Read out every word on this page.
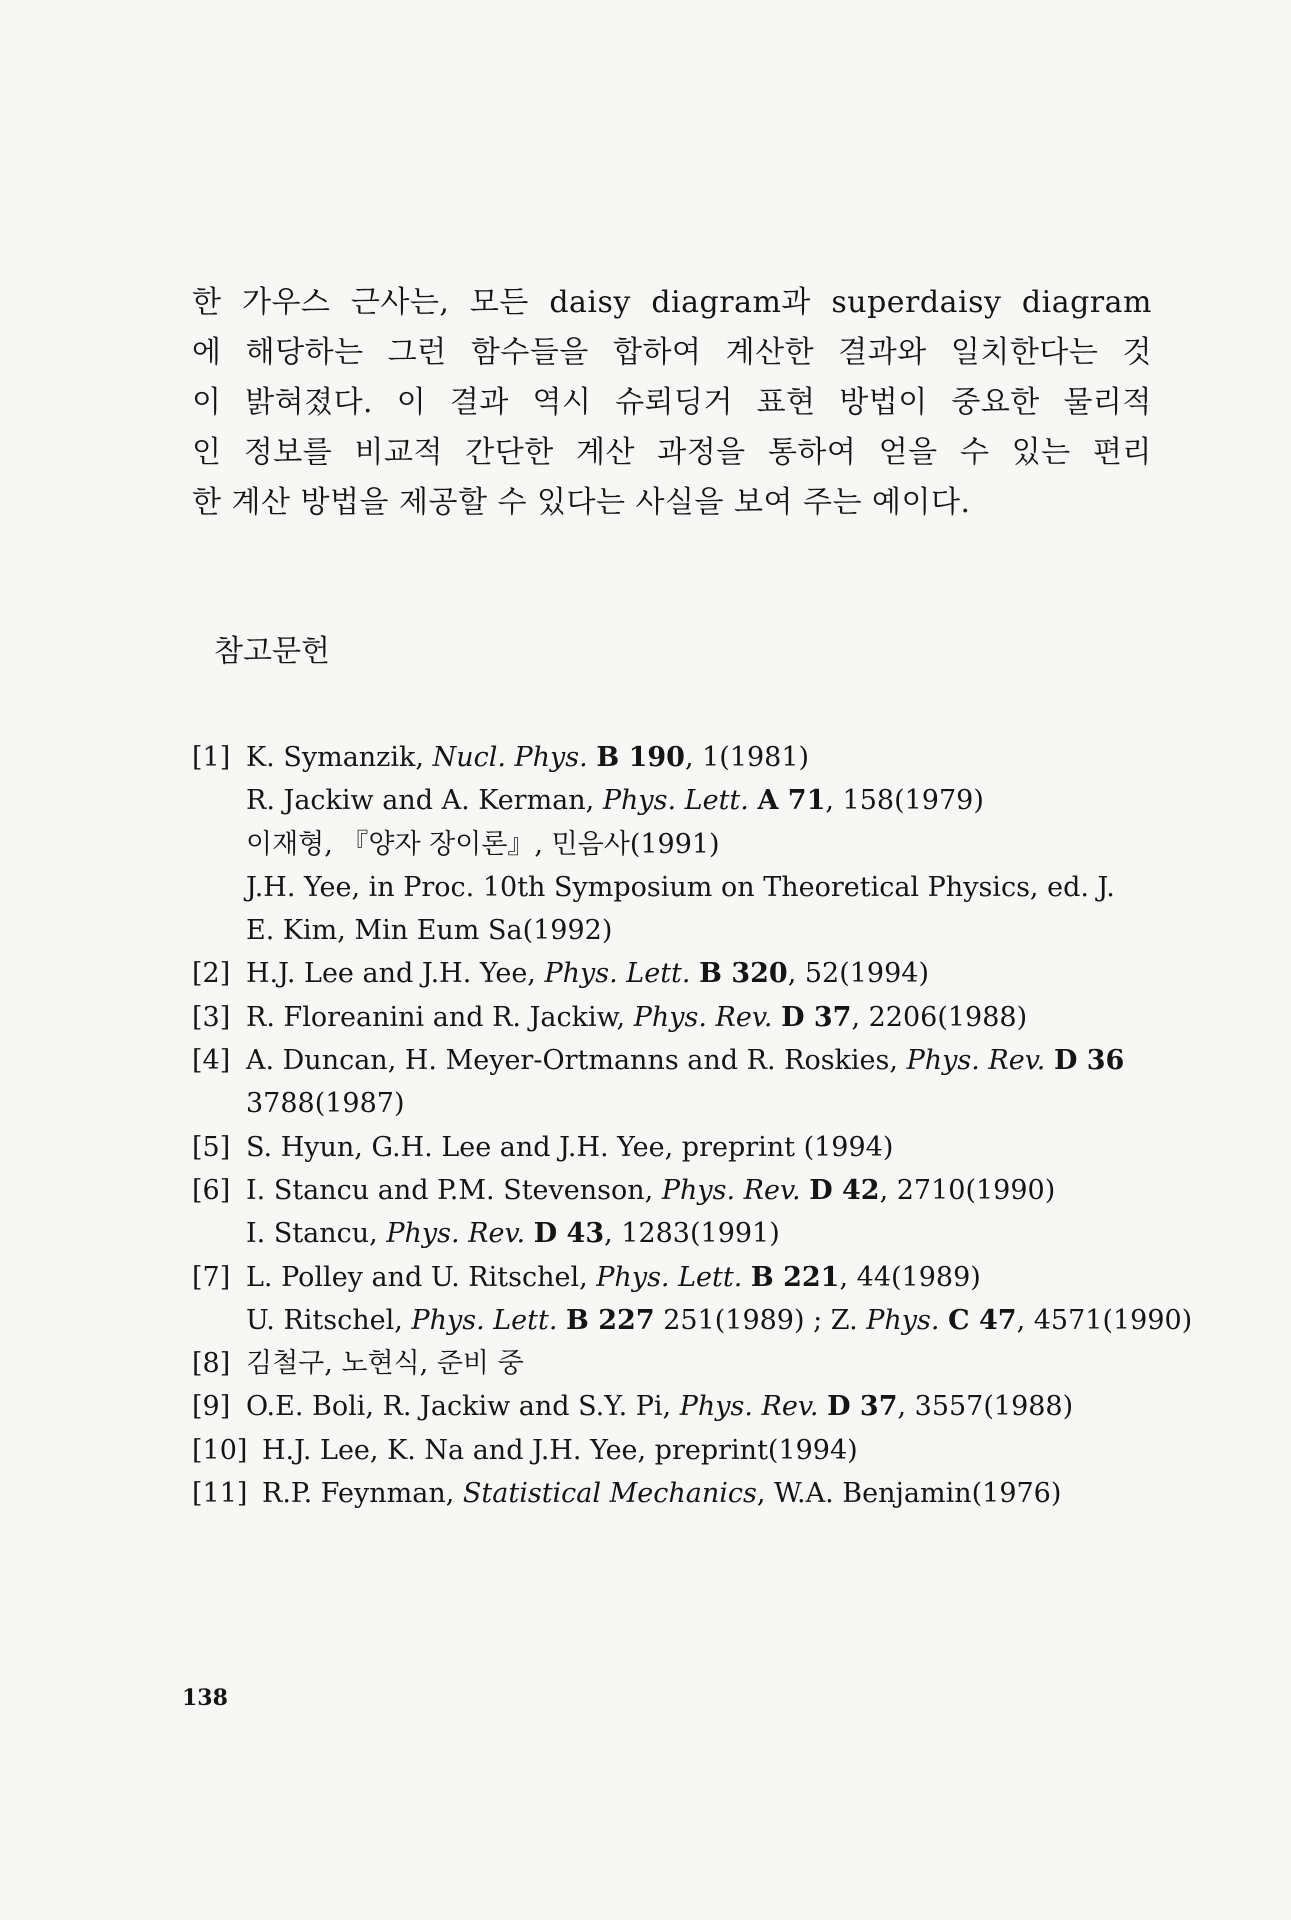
한 가우스 근사는, 모든 daisy diagram과 superdaisy diagram
에 해당하는 그런 함수들을 합하여 계산한 결과와 일치한다는 것
이 밝혀졌다. 이 결과 역시 슈뢰딩거 표현 방법이 중요한 물리적
인 정보를 비교적 간단한 계산 과정을 통하여 얻을 수 있는 편리
한 계산 방법을 제공할 수 있다는 사실을 보여 주는 예이다.
참고문헌
[1] K. Symanzik, Nucl. Phys. B 190, 1(1981)
R. Jackiw and A. Kerman, Phys. Lett. A 71, 158(1979)
이재형, 『양자 장이론』, 민음사(1991)
J.H. Yee, in Proc. 10th Symposium on Theoretical Physics, ed. J.
E. Kim, Min Eum Sa(1992)
[2] H.J. Lee and J.H. Yee, Phys. Lett. B 320, 52(1994)
[3] R. Floreanini and R. Jackiw, Phys. Rev. D 37, 2206(1988)
[4] A. Duncan, H. Meyer-Ortmanns and R. Roskies, Phys. Rev. D 36
3788(1987)
[5] S. Hyun, G.H. Lee and J.H. Yee, preprint (1994)
[6] I. Stancu and P.M. Stevenson, Phys. Rev. D 42, 2710(1990)
I. Stancu, Phys. Rev. D 43, 1283(1991)
[7] L. Polley and U. Ritschel, Phys. Lett. B 221, 44(1989)
U. Ritschel, Phys. Lett. B 227 251(1989) ; Z. Phys. C 47, 4571(1990)
[8] 김철구, 노현식, 준비 중
[9] O.E. Boli, R. Jackiw and S.Y. Pi, Phys. Rev. D 37, 3557(1988)
[10] H.J. Lee, K. Na and J.H. Yee, preprint(1994)
[11] R.P. Feynman, Statistical Mechanics, W.A. Benjamin(1976)
138
